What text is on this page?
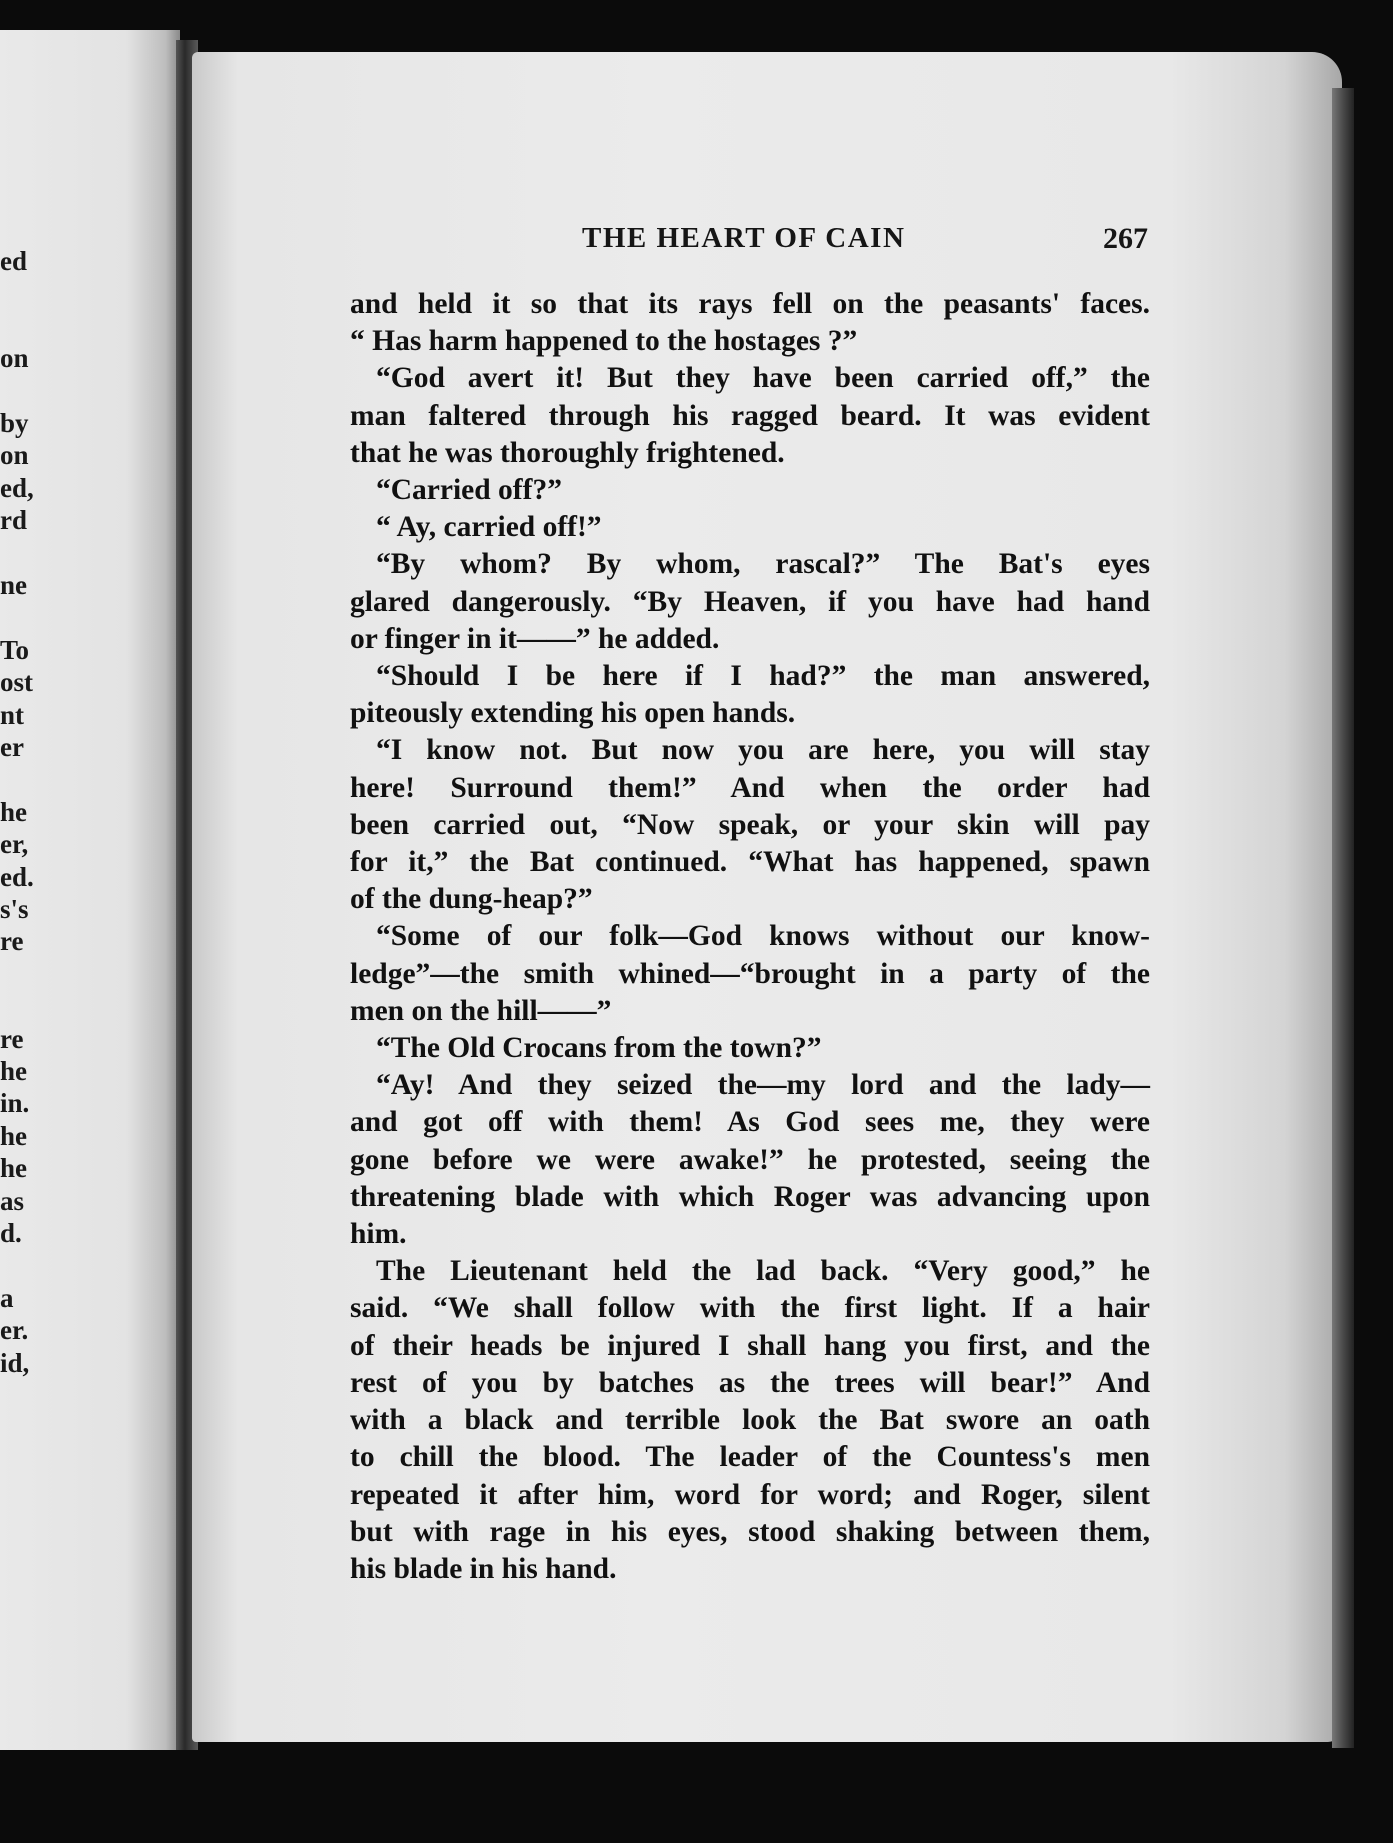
ed
on
by
on
ed,
rd
ne
To
ost
nt
er
he
er,
ed.
s's
re
re
he
in.
he
he
as
d.
a
er.
id,
THE HEART OF CAIN	267
and held it so that its rays fell on the peasants' faces.
“ Has harm happened to the hostages ?”
“God avert it! But they have been carried off,” the
man faltered through his ragged beard. It was evident
that he was thoroughly frightened.
“Carried off?”
“ Ay, carried off!”
“By whom? By whom, rascal?” The Bat's eyes
glared dangerously. “By Heaven, if you have had hand
or finger in it——” he added.
“Should I be here if I had?” the man answered,
piteously extending his open hands.
“I know not. But now you are here, you will stay
here! Surround them!” And when the order had
been carried out, “Now speak, or your skin will pay
for it,” the Bat continued. “What has happened, spawn
of the dung-heap?”
“Some of our folk—God knows without our know-
ledge”—the smith whined—“brought in a party of the
men on the hill——”
“The Old Crocans from the town?”
“Ay! And they seized the—my lord and the lady—
and got off with them! As God sees me, they were
gone before we were awake!” he protested, seeing the
threatening blade with which Roger was advancing upon
him.
The Lieutenant held the lad back. “Very good,” he
said. “We shall follow with the first light. If a hair
of their heads be injured I shall hang you first, and the
rest of you by batches as the trees will bear!” And
with a black and terrible look the Bat swore an oath
to chill the blood. The leader of the Countess's men
repeated it after him, word for word; and Roger, silent
but with rage in his eyes, stood shaking between them,
his blade in his hand.
